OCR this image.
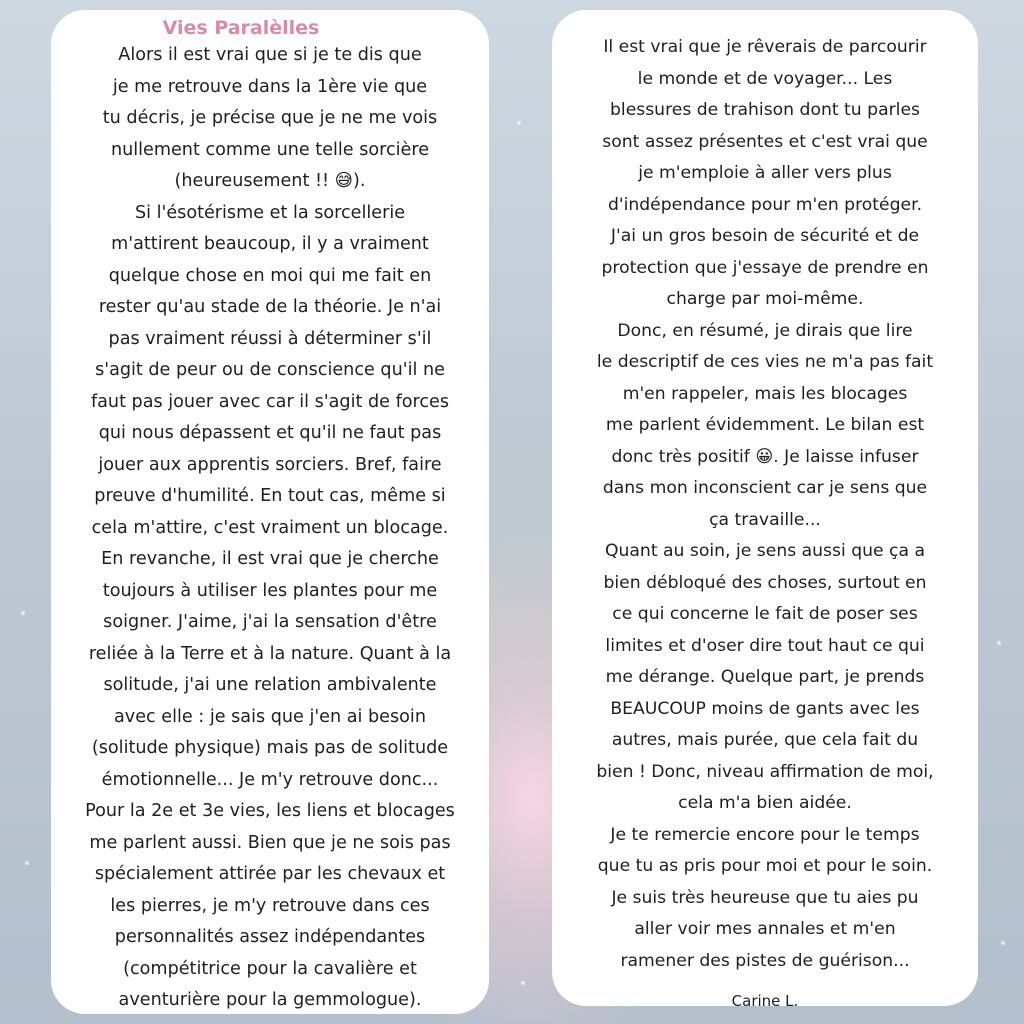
Vies Paralèlles
Alors il est vrai que si je te dis que
je me retrouve dans la 1ère vie que
tu décris, je précise que je ne me vois
nullement comme une telle sorcière
(heureusement !! 😅).
Si l'ésotérisme et la sorcellerie
m'attirent beaucoup, il y a vraiment
quelque chose en moi qui me fait en
rester qu'au stade de la théorie. Je n'ai
pas vraiment réussi à déterminer s'il
s'agit de peur ou de conscience qu'il ne
faut pas jouer avec car il s'agit de forces
qui nous dépassent et qu'il ne faut pas
jouer aux apprentis sorciers. Bref, faire
preuve d'humilité. En tout cas, même si
cela m'attire, c'est vraiment un blocage.
En revanche, il est vrai que je cherche
toujours à utiliser les plantes pour me
soigner. J'aime, j'ai la sensation d'être
reliée à la Terre et à la nature. Quant à la
solitude, j'ai une relation ambivalente
avec elle : je sais que j'en ai besoin
(solitude physique) mais pas de solitude
émotionnelle... Je m'y retrouve donc...
Pour la 2e et 3e vies, les liens et blocages
me parlent aussi. Bien que je ne sois pas
spécialement attirée par les chevaux et
les pierres, je m'y retrouve dans ces
personnalités assez indépendantes
(compétitrice pour la cavalière et
aventurière pour la gemmologue).
Il est vrai que je rêverais de parcourir
le monde et de voyager... Les
blessures de trahison dont tu parles
sont assez présentes et c'est vrai que
je m'emploie à aller vers plus
d'indépendance pour m'en protéger.
J'ai un gros besoin de sécurité et de
protection que j'essaye de prendre en
charge par moi-même.
Donc, en résumé, je dirais que lire
le descriptif de ces vies ne m'a pas fait
m'en rappeler, mais les blocages
me parlent évidemment. Le bilan est
donc très positif 😀. Je laisse infuser
dans mon inconscient car je sens que
ça travaille...
Quant au soin, je sens aussi que ça a
bien débloqué des choses, surtout en
ce qui concerne le fait de poser ses
limites et d'oser dire tout haut ce qui
me dérange. Quelque part, je prends
BEAUCOUP moins de gants avec les
autres, mais purée, que cela fait du
bien ! Donc, niveau affirmation de moi,
cela m'a bien aidée.
Je te remercie encore pour le temps
que tu as pris pour moi et pour le soin.
Je suis très heureuse que tu aies pu
aller voir mes annales et m'en
ramener des pistes de guérison...
Carine L.
